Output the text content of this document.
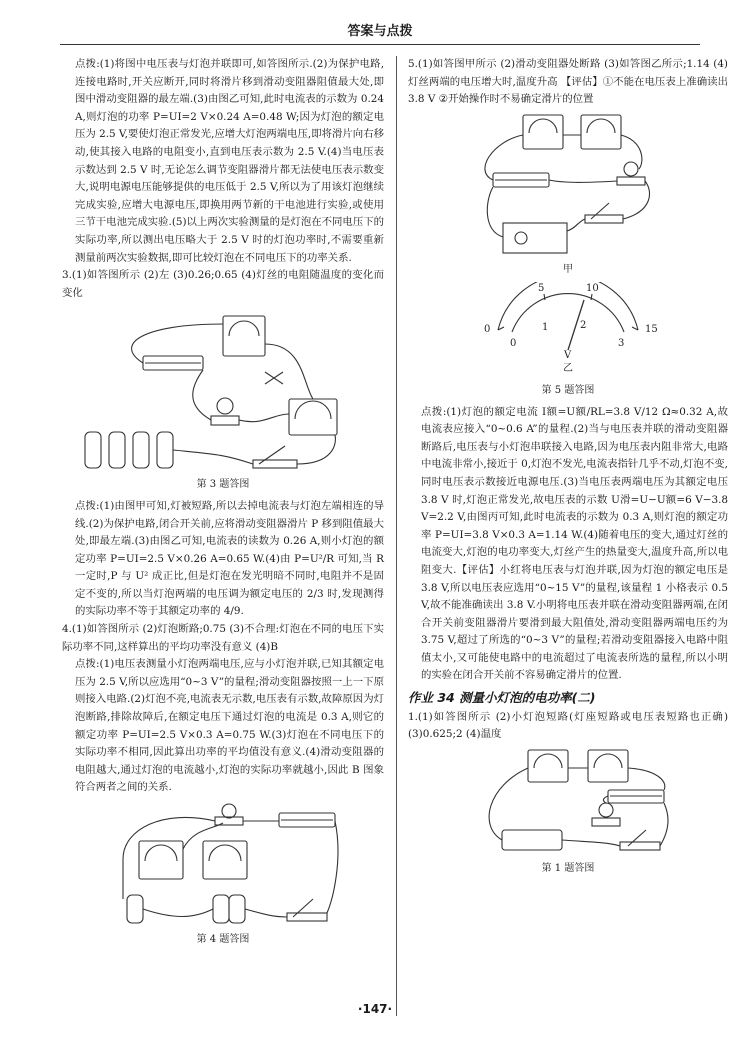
答案与点拨

点拨:(1)将图中电压表与灯泡并联即可,如答图所示.(2)为保护电路,连接电路时,开关应断开,同时将滑片移到滑动变阻器阻值最大处,即图中滑动变阻器的最左端.(3)由图乙可知,此时电流表的示数为 0.24 A,则灯泡的功率 P=UI=2 V×0.24 A=0.48 W;因为灯泡的额定电压为 2.5 V,要使灯泡正常发光,应增大灯泡两端电压,即将滑片向右移动,使其接入电路的电阻变小,直到电压表示数为 2.5 V.(4)当电压表示数达到 2.5 V 时,无论怎么调节变阻器滑片都无法使电压表示数变大,说明电源电压能够提供的电压低于 2.5 V,所以为了用该灯泡继续完成实验,应增大电源电压,即换用两节新的干电池进行实验,或使用三节干电池完成实验.(5)以上两次实验测量的是灯泡在不同电压下的实际功率,所以测出电压略大于 2.5 V 时的灯泡功率时,不需要重新测量前两次实验数据,即可比较灯泡在不同电压下的功率关系.

3.(1)如答图所示 (2)左 (3)0.26;0.65 (4)灯丝的电阻随温度的变化而变化

第 3 题答图

点拨:(1)由图甲可知,灯被短路,所以去掉电流表与灯泡左端相连的导线.(2)为保护电路,闭合开关前,应将滑动变阻器滑片 P 移到阻值最大处,即最左端.(3)由图乙可知,电流表的读数为 0.26 A,则小灯泡的额定功率 P=UI=2.5 V×0.26 A=0.65 W.(4)由 P=U²/R 可知,当 R 一定时,P 与 U² 成正比,但是灯泡在发光明暗不同时,电阻并不是固定不变的,所以当灯泡两端的电压调为额定电压的 2/3 时,发现测得的实际功率不等于其额定功率的 4/9.

4.(1)如答图所示 (2)灯泡断路;0.75 (3)不合理:灯泡在不同的电压下实际功率不同,这样算出的平均功率没有意义 (4)B

点拨:(1)电压表测量小灯泡两端电压,应与小灯泡并联,已知其额定电压为 2.5 V,所以应选用“0~3 V”的量程;滑动变阻器按照一上一下原则接入电路.(2)灯泡不亮,电流表无示数,电压表有示数,故障原因为灯泡断路,排除故障后,在额定电压下通过灯泡的电流是 0.3 A,则它的额定功率 P=UI=2.5 V×0.3 A=0.75 W.(3)灯泡在不同电压下的实际功率不相同,因此算出功率的平均值没有意义.(4)滑动变阻器的电阻越大,通过灯泡的电流越小,灯泡的实际功率就越小,因此 B 图象符合两者之间的关系.

第 4 题答图

5.(1)如答图甲所示 (2)滑动变阻器处断路 (3)如答图乙所示;1.14 (4)灯丝两端的电压增大时,温度升高 【评估】①不能在电压表上准确读出 3.8 V ②开始操作时不易确定滑片的位置

甲

0	15
5	10
0
1	2
3
V

乙

第 5 题答图

点拨:(1)灯泡的额定电流 I额=U额/RL=3.8 V/12 Ω≈0.32 A,故电流表应接入“0~0.6 A”的量程.(2)当与电压表并联的滑动变阻器断路后,电压表与小灯泡串联接入电路,因为电压表内阻非常大,电路中电流非常小,接近于 0,灯泡不发光,电流表指针几乎不动,灯泡不变,同时电压表示数接近电源电压.(3)当电压表两端电压为其额定电压 3.8 V 时,灯泡正常发光,故电压表的示数 U滑=U−U额=6 V−3.8 V=2.2 V,由图丙可知,此时电流表的示数为 0.3 A,则灯泡的额定功率 P=UI=3.8 V×0.3 A=1.14 W.(4)随着电压的变大,通过灯丝的电流变大,灯泡的电功率变大,灯丝产生的热量变大,温度升高,所以电阻变大.【评估】小红将电压表与灯泡并联,因为灯泡的额定电压是 3.8 V,所以电压表应选用“0~15 V”的量程,该量程 1 小格表示 0.5 V,故不能准确读出 3.8 V.小明将电压表并联在滑动变阻器两端,在闭合开关前变阻器滑片要滑到最大阻值处,滑动变阻器两端电压约为 3.75 V,超过了所选的“0~3 V”的量程;若滑动变阻器接入电路中阻值太小,又可能使电路中的电流超过了电流表所选的量程,所以小明的实验在闭合开关前不容易确定滑片的位置.

作业 34 测量小灯泡的电功率(二)

1.(1)如答图所示 (2)小灯泡短路(灯座短路或电压表短路也正确) (3)0.625;2 (4)温度

第 1 题答图

·147·
